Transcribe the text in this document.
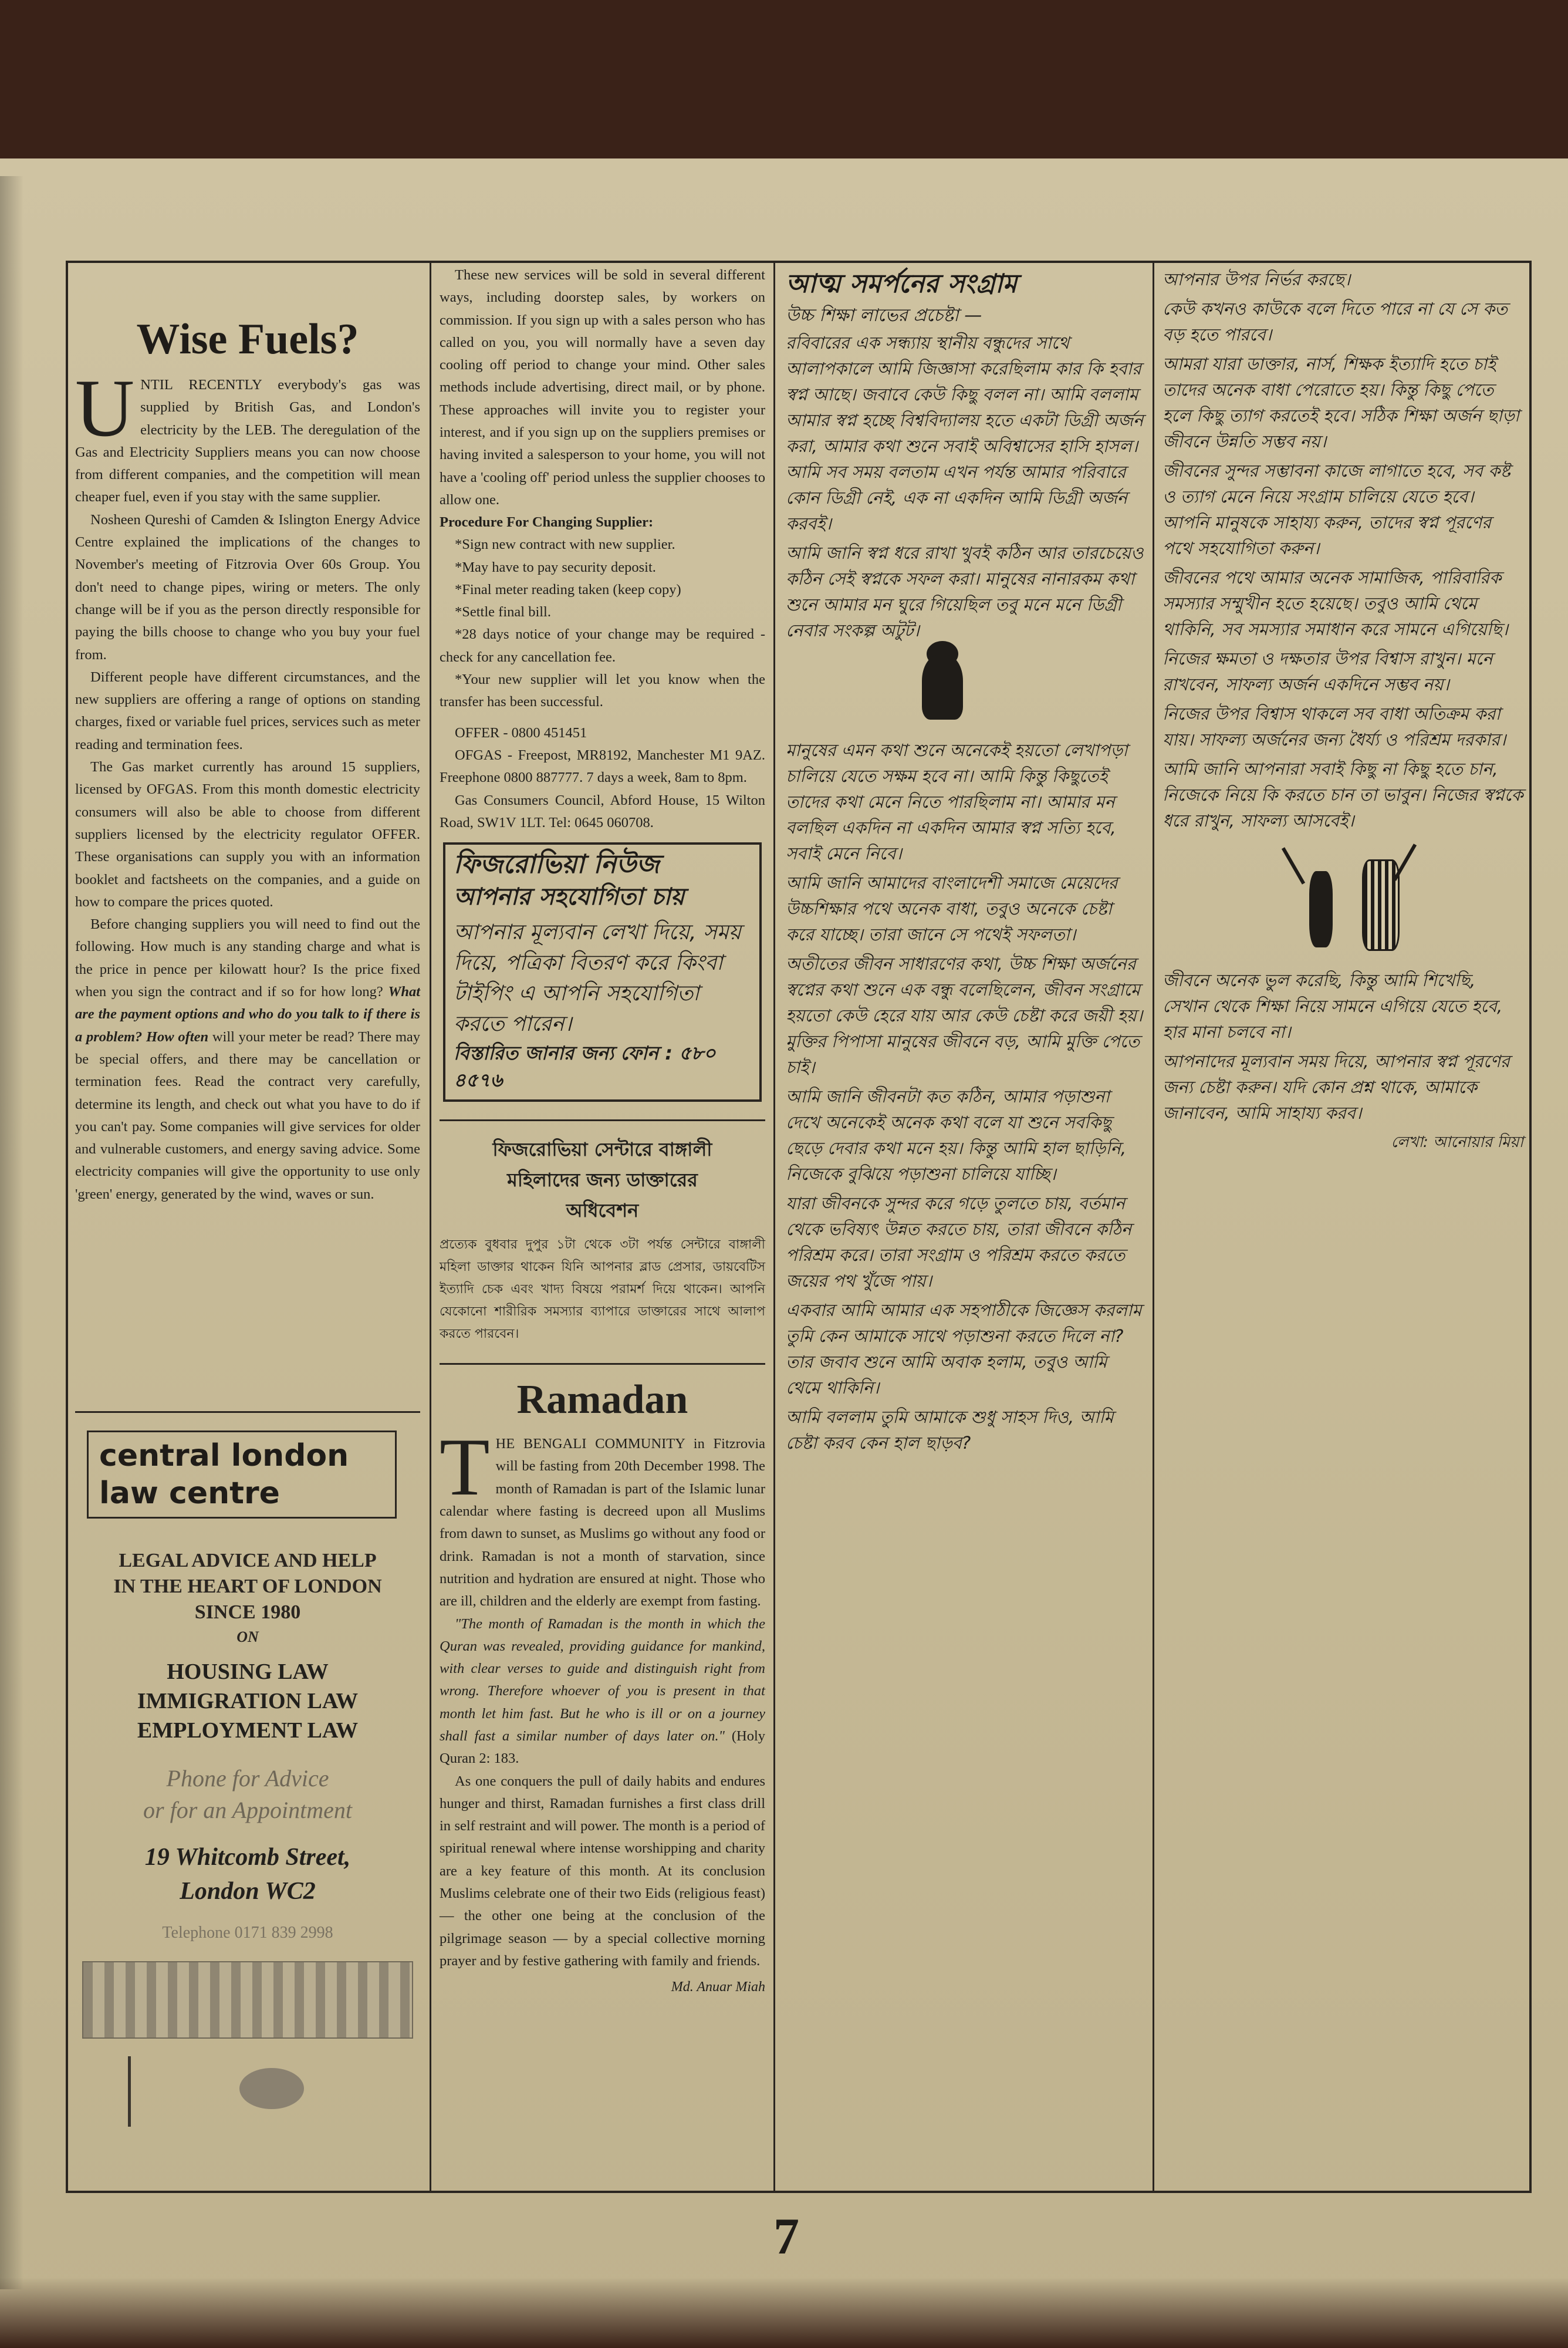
Wise Fuels?

UNTIL RECENTLY everybody's gas was supplied by British Gas, and London's electricity by the LEB. The deregulation of the Gas and Electricity Suppliers means you can now choose from different companies, and the competition will mean cheaper fuel, even if you stay with the same supplier.

Nosheen Qureshi of Camden & Islington Energy Advice Centre explained the implications of the changes to November's meeting of Fitzrovia Over 60s Group. You don't need to change pipes, wiring or meters. The only change will be if you as the person directly responsible for paying the bills choose to change who you buy your fuel from.

Different people have different circumstances, and the new suppliers are offering a range of options on standing charges, fixed or variable fuel prices, services such as meter reading and termination fees.

The Gas market currently has around 15 suppliers, licensed by OFGAS. From this month domestic electricity consumers will also be able to choose from different suppliers licensed by the electricity regulator OFFER. These organisations can supply you with an information booklet and factsheets on the companies, and a guide on how to compare the prices quoted.

Before changing suppliers you will need to find out the following. How much is any standing charge and what is the price in pence per kilowatt hour? Is the price fixed when you sign the contract and if so for how long? What are the payment options and who do you talk to if there is a problem? How often will your meter be read? There may be special offers, and there may be cancellation or termination fees. Read the contract very carefully, determine its length, and check out what you have to do if you can't pay. Some companies will give services for older and vulnerable customers, and energy saving advice. Some electricity companies will give the opportunity to use only 'green' energy, generated by the wind, waves or sun.

central london
law centre
LEGAL ADVICE AND HELP
IN THE HEART OF LONDON
SINCE 1980
ON
HOUSING LAW
IMMIGRATION LAW
EMPLOYMENT LAW
Phone for Advice
or for an Appointment
19 Whitcomb Street,
London WC2
Telephone 0171 839 2998

These new services will be sold in several different ways, including doorstep sales, by workers on commission. If you sign up with a sales person who has called on you, you will normally have a seven day cooling off period to change your mind. Other sales methods include advertising, direct mail, or by phone. These approaches will invite you to register your interest, and if you sign up on the suppliers premises or having invited a salesperson to your home, you will not have a 'cooling off' period unless the supplier chooses to allow one.

Procedure For Changing Supplier:

*Sign new contract with new supplier.

*May have to pay security deposit.

*Final meter reading taken (keep copy)

*Settle final bill.

*28 days notice of your change may be required - check for any cancellation fee.

*Your new supplier will let you know when the transfer has been successful.

OFFER - 0800 451451

OFGAS - Freepost, MR8192, Manchester M1 9AZ. Freephone 0800 887777. 7 days a week, 8am to 8pm.

Gas Consumers Council, Abford House, 15 Wilton Road, SW1V 1LT. Tel: 0645 060708.

ফিজরোভিয়া নিউজ
আপনার সহযোগিতা চায়
আপনার মূল্যবান লেখা দিয়ে, সময় দিয়ে, পত্রিকা বিতরণ করে কিংবা টাইপিং এ আপনি সহযোগিতা করতে পারেন।
বিস্তারিত জানার জন্য ফোন : ৫৮০ ৪৫৭৬
ফিজরোভিয়া সেন্টারে বাঙ্গালী
মহিলাদের জন্য ডাক্তারের
অধিবেশন
প্রত্যেক বুধবার দুপুর ১টা থেকে ৩টা পর্যন্ত সেন্টারে বাঙ্গালী মহিলা ডাক্তার থাকেন যিনি আপনার ব্লাড প্রেসার, ডায়বেটিস ইত্যাদি চেক এবং খাদ্য বিষয়ে পরামর্শ দিয়ে থাকেন। আপনি যেকোনো শারীরিক সমস্যার ব্যাপারে ডাক্তারের সাথে আলাপ করতে পারবেন।
Ramadan

THE BENGALI COMMUNITY in Fitzrovia will be fasting from 20th December 1998. The month of Ramadan is part of the Islamic lunar calendar where fasting is decreed upon all Muslims from dawn to sunset, as Muslims go without any food or drink. Ramadan is not a month of starvation, since nutrition and hydration are ensured at night. Those who are ill, children and the elderly are exempt from fasting.

"The month of Ramadan is the month in which the Quran was revealed, providing guidance for mankind, with clear verses to guide and distinguish right from wrong. Therefore whoever of you is present in that month let him fast. But he who is ill or on a journey shall fast a similar number of days later on." (Holy Quran 2: 183.

As one conquers the pull of daily habits and endures hunger and thirst, Ramadan furnishes a first class drill in self restraint and will power. The month is a period of spiritual renewal where intense worshipping and charity are a key feature of this month. At its conclusion Muslims celebrate one of their two Eids (religious feast) — the other one being at the conclusion of the pilgrimage season — by a special collective morning prayer and by festive gathering with family and friends.

Md. Anuar Miah
আত্ম সমর্পনের সংগ্রাম
উচ্চ শিক্ষা লাভের প্রচেষ্টা —

রবিবারের এক সন্ধ্যায় স্থানীয় বন্ধুদের সাথে আলাপকালে আমি জিজ্ঞাসা করেছিলাম কার কি হবার স্বপ্ন আছে। জবাবে কেউ কিছু বলল না। আমি বললাম আমার স্বপ্ন হচ্ছে বিশ্ববিদ্যালয় হতে একটা ডিগ্রী অর্জন করা, আমার কথা শুনে সবাই অবিশ্বাসের হাসি হাসল। আমি সব সময় বলতাম এখন পর্যন্ত আমার পরিবারে কোন ডিগ্রী নেই, এক না একদিন আমি ডিগ্রী অর্জন করবই।

আমি জানি স্বপ্ন ধরে রাখা খুবই কঠিন আর তারচেয়েও কঠিন সেই স্বপ্নকে সফল করা। মানুষের নানারকম কথা শুনে আমার মন ঘুরে গিয়েছিল তবু মনে মনে ডিগ্রী নেবার সংকল্প অটুট।

মানুষের এমন কথা শুনে অনেকেই হয়তো লেখাপড়া চালিয়ে যেতে সক্ষম হবে না। আমি কিন্তু কিছুতেই তাদের কথা মেনে নিতে পারছিলাম না। আমার মন বলছিল একদিন না একদিন আমার স্বপ্ন সত্যি হবে, সবাই মেনে নিবে।

আমি জানি আমাদের বাংলাদেশী সমাজে মেয়েদের উচ্চশিক্ষার পথে অনেক বাধা, তবুও অনেকে চেষ্টা করে যাচ্ছে। তারা জানে সে পথেই সফলতা।

অতীতের জীবন সাধারণের কথা, উচ্চ শিক্ষা অর্জনের স্বপ্নের কথা শুনে এক বন্ধু বলেছিলেন, জীবন সংগ্রামে হয়তো কেউ হেরে যায় আর কেউ চেষ্টা করে জয়ী হয়। মুক্তির পিপাসা মানুষের জীবনে বড়, আমি মুক্তি পেতে চাই।

আমি জানি জীবনটা কত কঠিন, আমার পড়াশুনা দেখে অনেকেই অনেক কথা বলে যা শুনে সবকিছু ছেড়ে দেবার কথা মনে হয়। কিন্তু আমি হাল ছাড়িনি, নিজেকে বুঝিয়ে পড়াশুনা চালিয়ে যাচ্ছি।

যারা জীবনকে সুন্দর করে গড়ে তুলতে চায়, বর্তমান থেকে ভবিষ্যৎ উন্নত করতে চায়, তারা জীবনে কঠিন পরিশ্রম করে। তারা সংগ্রাম ও পরিশ্রম করতে করতে জয়ের পথ খুঁজে পায়।

একবার আমি আমার এক সহপাঠীকে জিজ্ঞেস করলাম তুমি কেন আমাকে সাথে পড়াশুনা করতে দিলে না? তার জবাব শুনে আমি অবাক হলাম, তবুও আমি থেমে থাকিনি।

আমি বললাম তুমি আমাকে শুধু সাহস দিও, আমি চেষ্টা করব কেন হাল ছাড়ব?

আপনার উপর নির্ভর করছে।

কেউ কখনও কাউকে বলে দিতে পারে না যে সে কত বড় হতে পারবে।

আমরা যারা ডাক্তার, নার্স, শিক্ষক ইত্যাদি হতে চাই তাদের অনেক বাধা পেরোতে হয়। কিন্তু কিছু পেতে হলে কিছু ত্যাগ করতেই হবে। সঠিক শিক্ষা অর্জন ছাড়া জীবনে উন্নতি সম্ভব নয়।

জীবনের সুন্দর সম্ভাবনা কাজে লাগাতে হবে, সব কষ্ট ও ত্যাগ মেনে নিয়ে সংগ্রাম চালিয়ে যেতে হবে। আপনি মানুষকে সাহায্য করুন, তাদের স্বপ্ন পূরণের পথে সহযোগিতা করুন।

জীবনের পথে আমার অনেক সামাজিক, পারিবারিক সমস্যার সম্মুখীন হতে হয়েছে। তবুও আমি থেমে থাকিনি, সব সমস্যার সমাধান করে সামনে এগিয়েছি।

নিজের ক্ষমতা ও দক্ষতার উপর বিশ্বাস রাখুন। মনে রাখবেন, সাফল্য অর্জন একদিনে সম্ভব নয়।

নিজের উপর বিশ্বাস থাকলে সব বাধা অতিক্রম করা যায়। সাফল্য অর্জনের জন্য ধৈর্য্য ও পরিশ্রম দরকার।

আমি জানি আপনারা সবাই কিছু না কিছু হতে চান, নিজেকে নিয়ে কি করতে চান তা ভাবুন। নিজের স্বপ্নকে ধরে রাখুন, সাফল্য আসবেই।

জীবনে অনেক ভুল করেছি, কিন্তু আমি শিখেছি, সেখান থেকে শিক্ষা নিয়ে সামনে এগিয়ে যেতে হবে, হার মানা চলবে না।

আপনাদের মূল্যবান সময় দিয়ে, আপনার স্বপ্ন পূরণের জন্য চেষ্টা করুন। যদি কোন প্রশ্ন থাকে, আমাকে জানাবেন, আমি সাহায্য করব।

লেখা: আনোয়ার মিয়া

7
